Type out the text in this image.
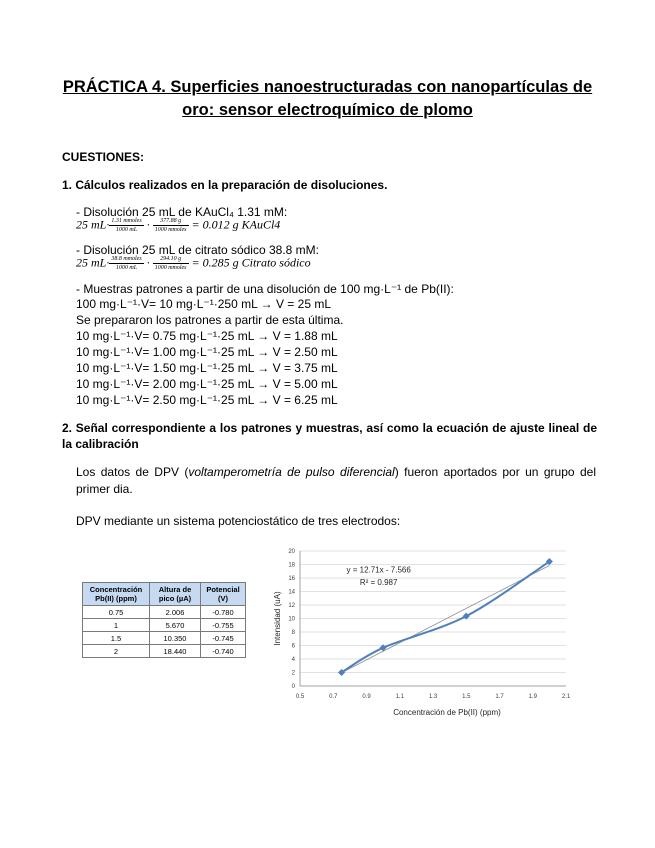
PRÁCTICA 4. Superficies nanoestructuradas con nanopartículas de oro: sensor electroquímico de plomo
CUESTIONES:
1. Cálculos realizados en la preparación de disoluciones.
- Disolución 25 mL de KAuCl₄ 1.31 mM:
25 $mL\cdot \frac{\text{1.31 mmoles}}{1000 mL} \cdot \frac{377.88 g}{\text{1000 mmoles}} = 0.012$ g KAuCl4
- Disolución 25 mL de citrato sódico 38.8 mM:
25 $mL\cdot \frac{\text{38.8 mmoles}}{1000 mL} \cdot \frac{294.10 g}{\text{1000 mmoles}} = 0.285$ g Citrato sódico
- Muestras patrones a partir de una disolución de 100 mg·L⁻¹ de Pb(II):
100 mg·L⁻¹·V= 10 mg·L⁻¹·250 mL → V = 25 mL
Se prepararon los patrones a partir de esta última.
10 mg·L⁻¹·V= 0.75 mg·L⁻¹·25 mL → V = 1.88 mL
10 mg·L⁻¹·V= 1.00 mg·L⁻¹·25 mL → V = 2.50 mL
10 mg·L⁻¹·V= 1.50 mg·L⁻¹·25 mL → V = 3.75 mL
10 mg·L⁻¹·V= 2.00 mg·L⁻¹·25 mL → V = 5.00 mL
10 mg·L⁻¹·V= 2.50 mg·L⁻¹·25 mL → V = 6.25 mL
2. Señal correspondiente a los patrones y muestras, así como la ecuación de ajuste lineal de la calibración
Los datos de DPV (voltamperometría de pulso diferencial) fueron aportados por un grupo del primer dia.
DPV mediante un sistema potenciostático de tres electrodos:
Concentración Pb(II) (ppm)	Altura de pico (µA)	Potencial (V)
0.75	2.006	-0.780
1	5.670	-0.755
1.5	10.350	-0.745
2	18.440	-0.740
0
2
4
6
8
10
12
14
16
18
20
0.5	0.7	0.9	1.1	1.3	1.5	1.7	1.9	2.1
Concentración de Pb(II) (ppm)
Intensidad (uA)
y = 12.71x - 7.566
R² = 0.987
